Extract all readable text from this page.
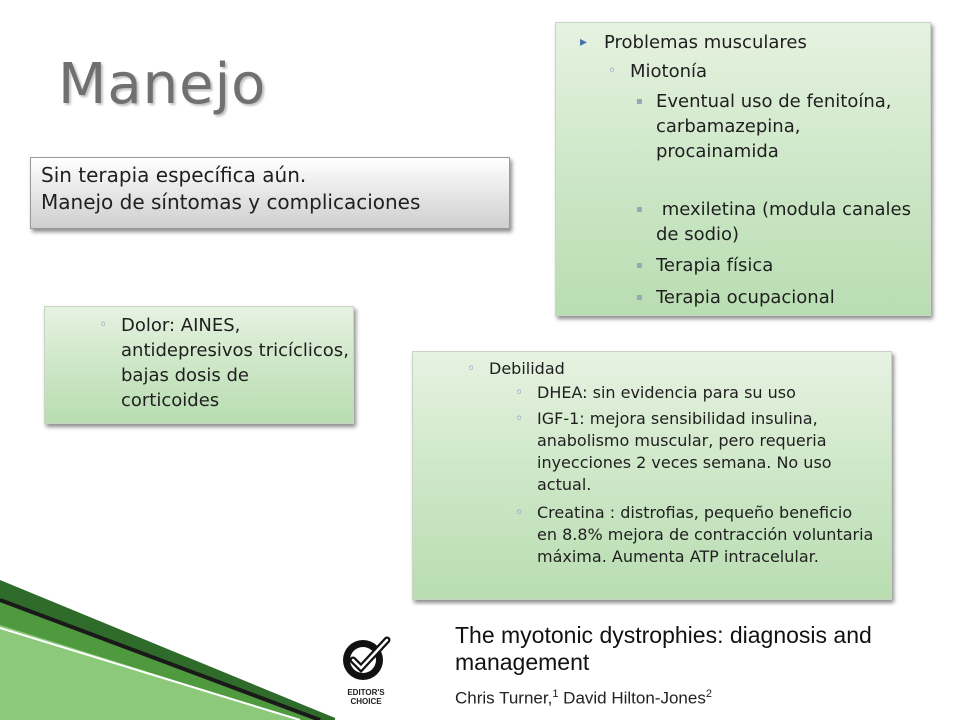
Manejo
Sin terapia específica aún.
Manejo de síntomas y complicaciones
▸ Problemas musculares
◦ Miotonía
▪ Eventual uso de fenitoína, carbamazepina, procainamida
▪ mexiletina (modula canales de sodio)
▪ Terapia física
▪ Terapia ocupacional
◦ Dolor: AINES, antidepresivos tricíclicos, bajas dosis de corticoides
◦ Debilidad
◦ DHEA: sin evidencia para su uso
◦ IGF-1: mejora sensibilidad insulina, anabolismo muscular, pero requeria inyecciones 2 veces semana. No uso actual.
◦ Creatina : distrofias, pequeño beneficio en 8.8% mejora de contracción voluntaria máxima. Aumenta ATP intracelular.
EDITOR'S
CHOICE
The myotonic dystrophies: diagnosis and management
Chris Turner,$^1$ David Hilton-Jones$^2$
